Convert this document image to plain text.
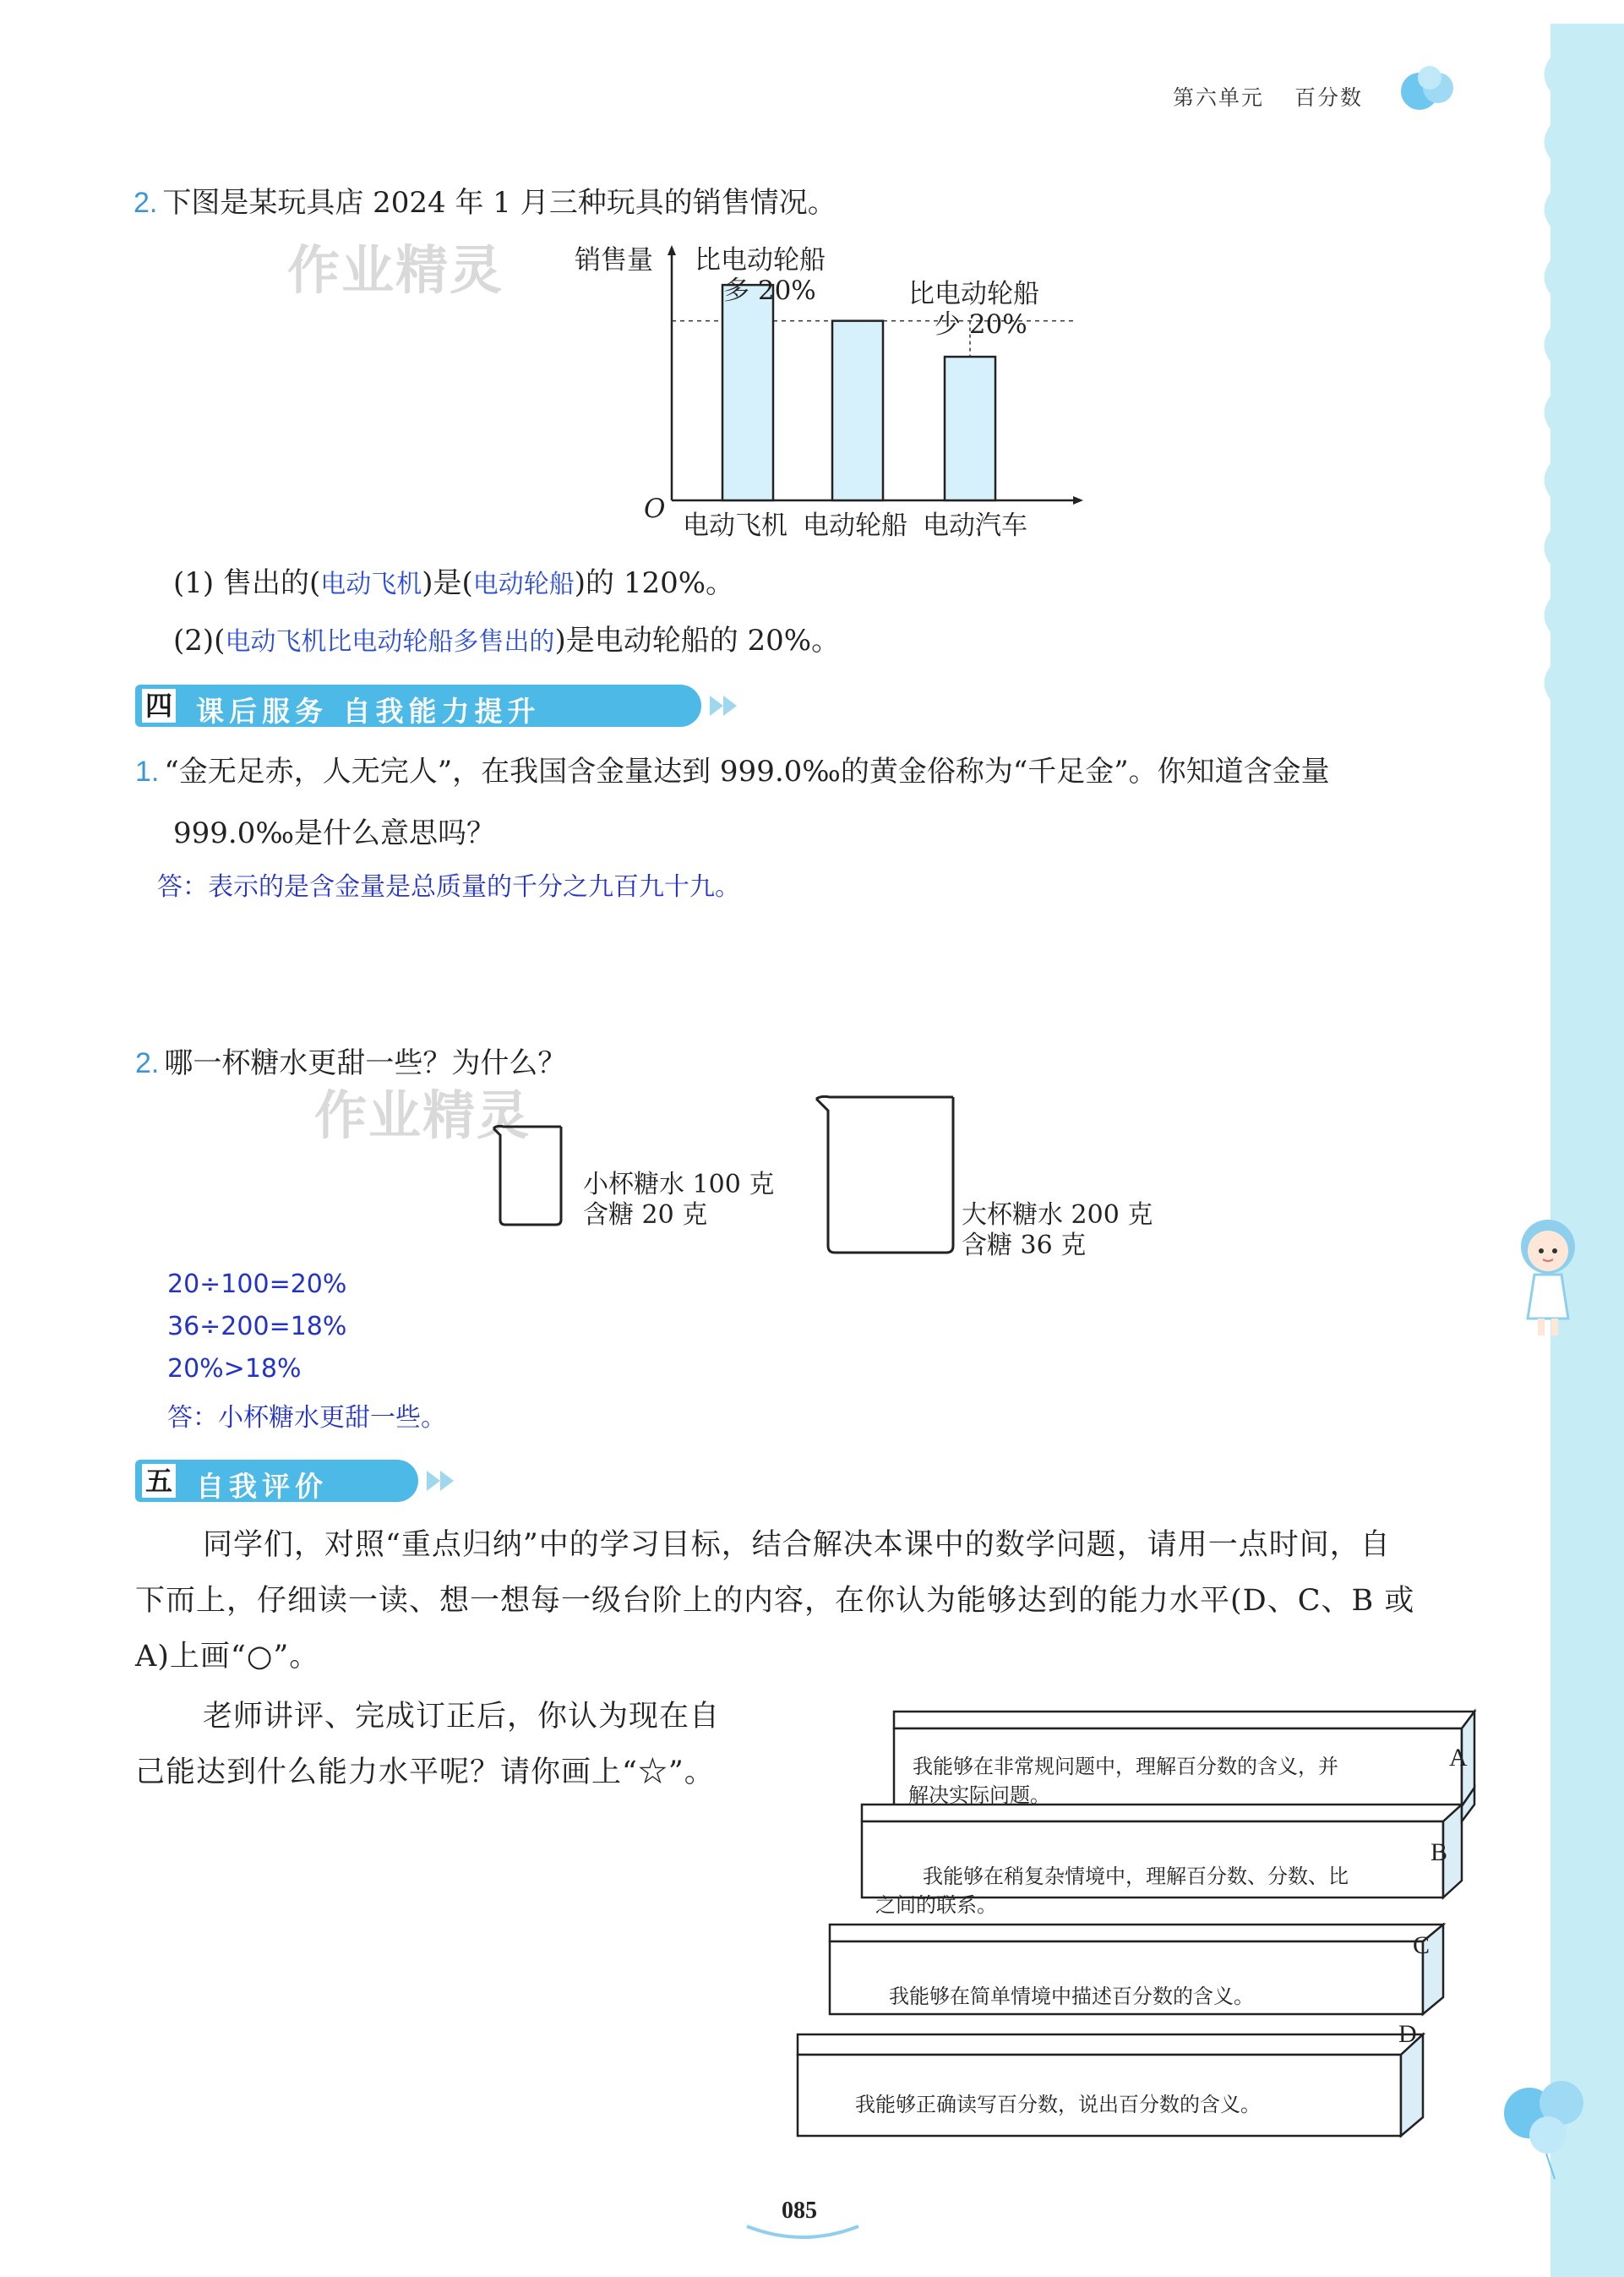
第六单元 百分数
作业精灵
作业精灵
2. 下图是某玩具店 2024 年 1 月三种玩具的销售情况。
销售量
O
比电动轮船
多 20%	比电动轮船
少 20%
电动飞机 电动轮船 电动汽车
(1) 售出的(电动飞机)是(电动轮船)的 120%。
(2)(电动飞机比电动轮船多售出的)是电动轮船的 20%。
四 课后服务 自我能力提升
1. “金无足赤，人无完人”，在我国含金量达到 999.0‰的黄金俗称为“千足金”。你知道含金量
999.0‰是什么意思吗？
答：表示的是含金量是总质量的千分之九百九十九。
2. 哪一杯糖水更甜一些？为什么？
小杯糖水 100 克
含糖 20 克	大杯糖水 200 克
含糖 36 克
20÷100=20%
36÷200=18%
20%>18%
答：小杯糖水更甜一些。
五 自我评价
同学们，对照“重点归纳”中的学习目标，结合解决本课中的数学问题，请用一点时间，自
下而上，仔细读一读、想一想每一级台阶上的内容，在你认为能够达到的能力水平(D、C、B 或
A)上画“○”。
老师讲评、完成订正后，你认为现在自
己能达到什么能力水平呢？请你画上“☆”。	我能够在非常规问题中，理解百分数的含义，并
解决实际问题。
A
我能够在稍复杂情境中，理解百分数、分数、比
之间的联系。
B
我能够在简单情境中描述百分数的含义。
C
我能够正确读写百分数，说出百分数的含义。
D
085
